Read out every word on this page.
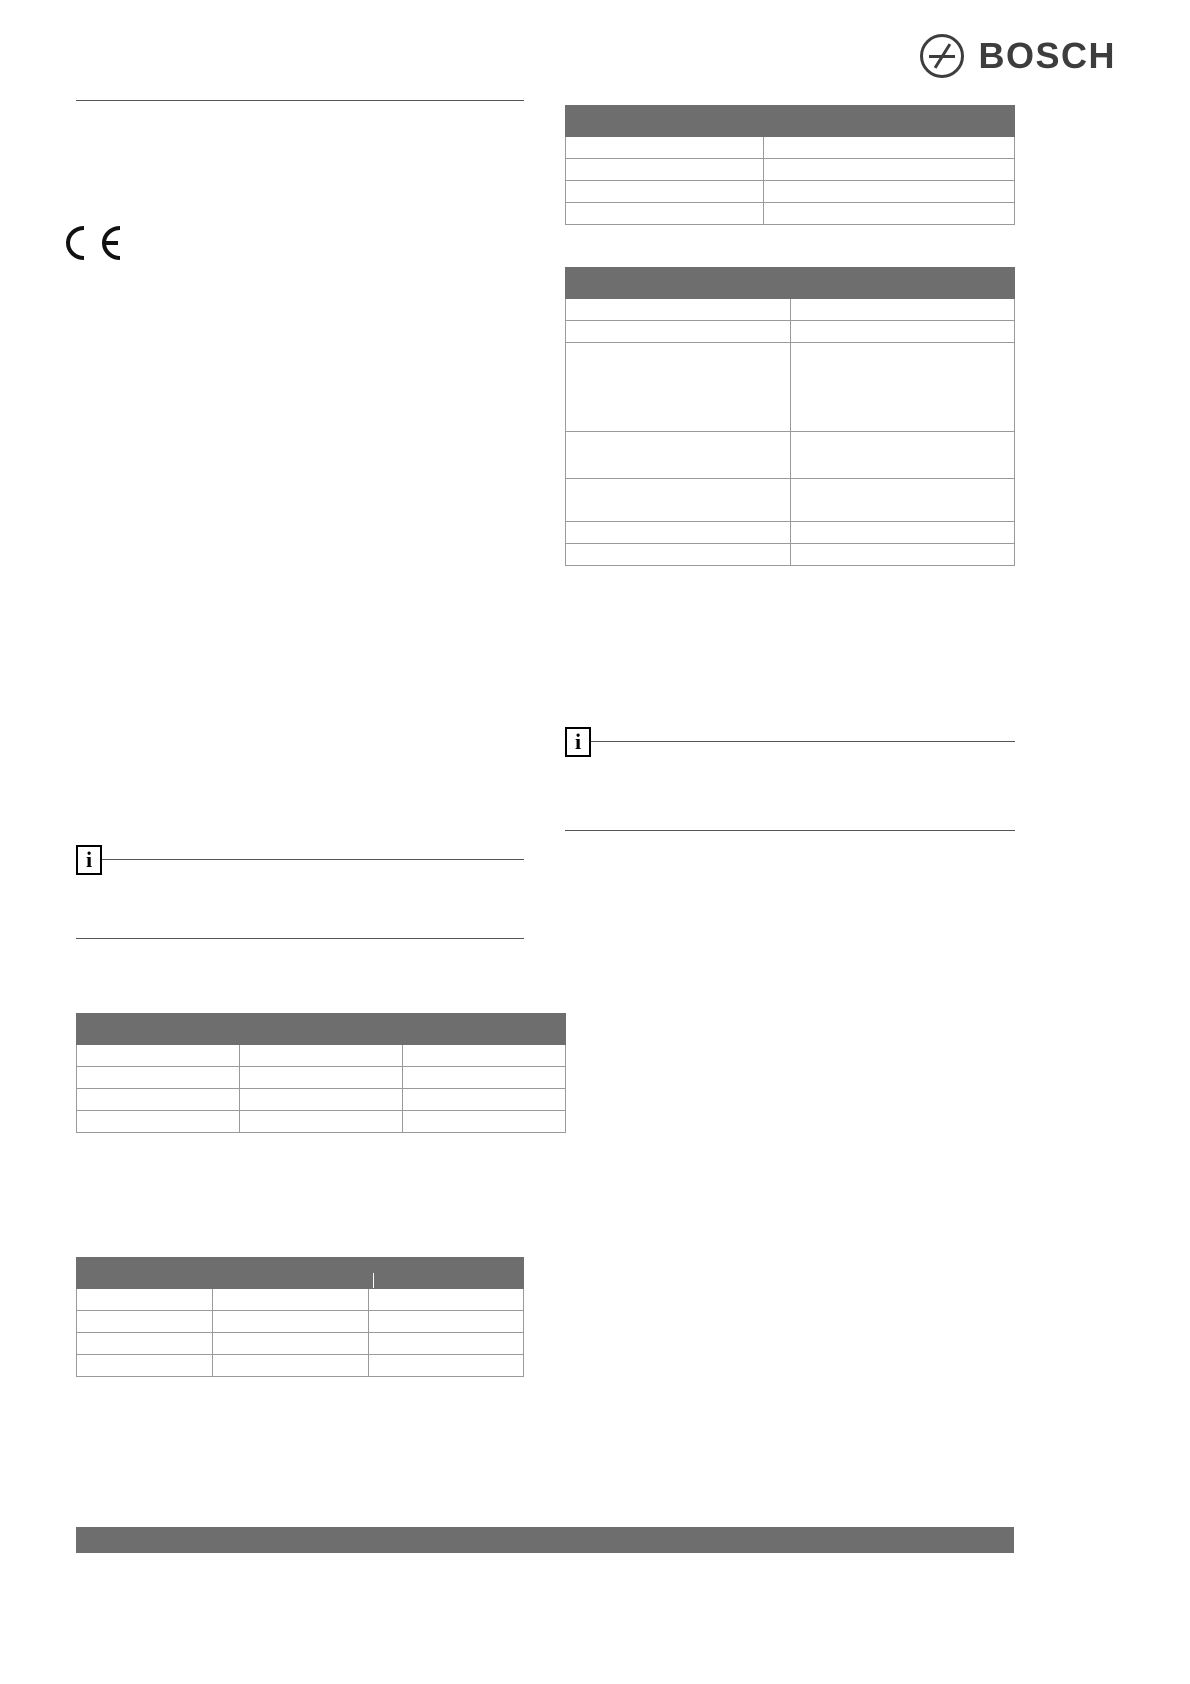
BOSCH

i
i
